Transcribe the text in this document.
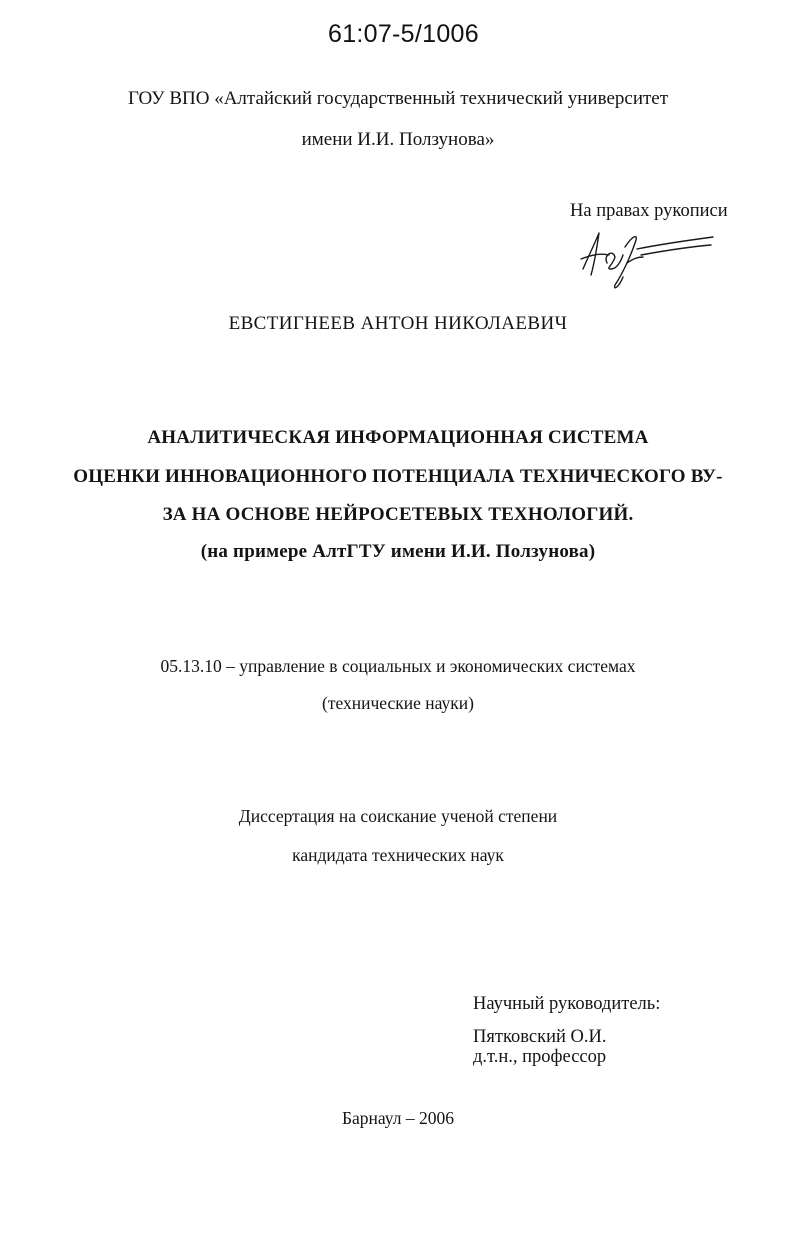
61:07-5/1006
ГОУ ВПО «Алтайский государственный технический университет
имени И.И. Ползунова»
На правах рукописи
ЕВСТИГНЕЕВ АНТОН НИКОЛАЕВИЧ
АНАЛИТИЧЕСКАЯ ИНФОРМАЦИОННАЯ СИСТЕМА
ОЦЕНКИ ИННОВАЦИОННОГО ПОТЕНЦИАЛА ТЕХНИЧЕСКОГО ВУ-
ЗА НА ОСНОВЕ НЕЙРОСЕТЕВЫХ ТЕХНОЛОГИЙ.
(на примере АлтГТУ имени И.И. Ползунова)
05.13.10 – управление в социальных и экономических системах
(технические науки)
Диссертация на соискание ученой степени
кандидата технических наук
Научный руководитель:
Пятковский О.И.
д.т.н., профессор
Барнаул – 2006
